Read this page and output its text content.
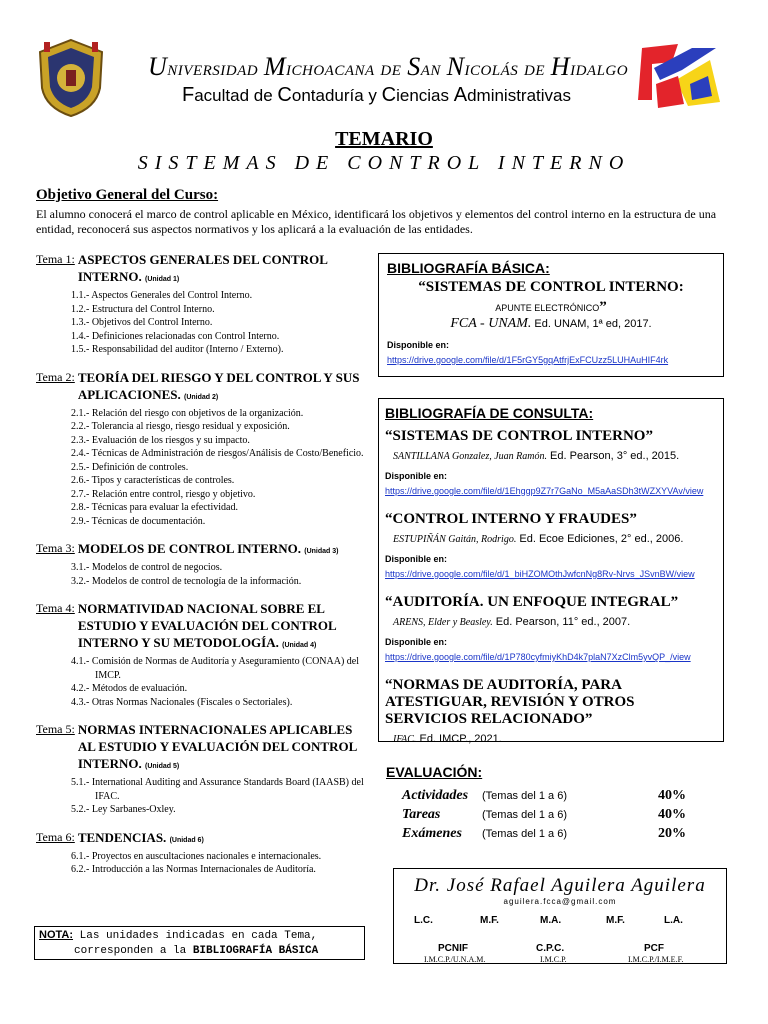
Universidad Michoacana de San Nicolás de Hidalgo
Facultad de Contaduría y Ciencias Administrativas
TEMARIO
SISTEMAS DE CONTROL INTERNO
Objetivo General del Curso:
El alumno conocerá el marco de control aplicable en México, identificará los objetivos y elementos del control interno en la estructura de una entidad, reconocerá sus aspectos normativos y los aplicará a la evaluación de las entidades.
Tema 1: ASPECTOS GENERALES DEL CONTROL INTERNO. (Unidad 1)
1.1.- Aspectos Generales del Control Interno.
1.2.- Estructura del Control Interno.
1.3.- Objetivos del Control Interno.
1.4.- Definiciones relacionadas con Control Interno.
1.5.- Responsabilidad del auditor (Interno / Externo).
Tema 2: TEORÍA DEL RIESGO Y DEL CONTROL Y SUS APLICACIONES. (Unidad 2)
2.1.- Relación del riesgo con objetivos de la organización.
2.2.- Tolerancia al riesgo, riesgo residual y exposición.
2.3.- Evaluación de los riesgos y su impacto.
2.4.- Técnicas de Administración de riesgos/Análisis de Costo/Beneficio.
2.5.- Definición de controles.
2.6.- Tipos y características de controles.
2.7.- Relación entre control, riesgo y objetivo.
2.8.- Técnicas para evaluar la efectividad.
2.9.- Técnicas de documentación.
Tema 3: MODELOS DE CONTROL INTERNO. (Unidad 3)
3.1.- Modelos de control de negocios.
3.2.- Modelos de control de tecnología de la información.
Tema 4: NORMATIVIDAD NACIONAL SOBRE EL ESTUDIO Y EVALUACIÓN DEL CONTROL INTERNO Y SU METODOLOGÍA. (Unidad 4)
4.1.- Comisión de Normas de Auditoría y Aseguramiento (CONAA) del IMCP.
4.2.- Métodos de evaluación.
4.3.- Otras Normas Nacionales (Fiscales o Sectoriales).
Tema 5: NORMAS INTERNACIONALES APLICABLES AL ESTUDIO Y EVALUACIÓN DEL CONTROL INTERNO. (Unidad 5)
5.1.- International Auditing and Assurance Standards Board (IAASB) del IFAC.
5.2.- Ley Sarbanes-Oxley.
Tema 6: TENDENCIAS. (Unidad 6)
6.1.- Proyectos en auscultaciones nacionales e internacionales.
6.2.- Introducción a las Normas Internacionales de Auditoría.
NOTA: Las unidades indicadas en cada Tema,
corresponden a la BIBLIOGRAFÍA BÁSICA
BIBLIOGRAFÍA BÁSICA:
“SISTEMAS DE CONTROL INTERNO:
APUNTE ELECTRÓNICO”
FCA - UNAM. Ed. UNAM, 1ª ed, 2017.
Disponible en:
https://drive.google.com/file/d/1F5rGY5gqAtfrjExFCUzz5LUHAuHIF4rk
BIBLIOGRAFÍA DE CONSULTA:
“SISTEMAS DE CONTROL INTERNO”
SANTILLANA Gonzalez, Juan Ramón. Ed. Pearson, 3° ed., 2015.
Disponible en:
https://drive.google.com/file/d/1Ehggp9Z7r7GaNo_M5aAaSDh3tWZXYVAv/view
“CONTROL INTERNO Y FRAUDES”
ESTUPIÑÁN Gaitán, Rodrigo. Ed. Ecoe Ediciones, 2° ed., 2006.
Disponible en:
https://drive.google.com/file/d/1_biHZOMOthJwfcnNg8Rv-Nrvs_JSvnBW/view
“AUDITORÍA. UN ENFOQUE INTEGRAL”
ARENS, Elder y Beasley. Ed. Pearson, 11° ed., 2007.
Disponible en:
https://drive.google.com/file/d/1P780cyfmiyKhD4k7plaN7XzClm5yvQP_/view
“NORMAS DE AUDITORÍA, PARA ATESTIGUAR, REVISIÓN Y OTROS SERVICIOS RELACIONADO”
IFAC. Ed. IMCP., 2021.
EVALUACIÓN:
Actividades	(Temas del 1 a 6)	40%
Tareas	(Temas del 1 a 6)	40%
Exámenes	(Temas del 1 a 6)	20%
Dr. José Rafael Aguilera Aguilera
aguilera.fcca@gmail.com
L.C.	M.F.	M.A.	M.F.	L.A.
PCNIF	C.P.C.	PCF
I.M.C.P./U.N.A.M.	I.M.C.P.	I.M.C.P./I.M.E.F.
